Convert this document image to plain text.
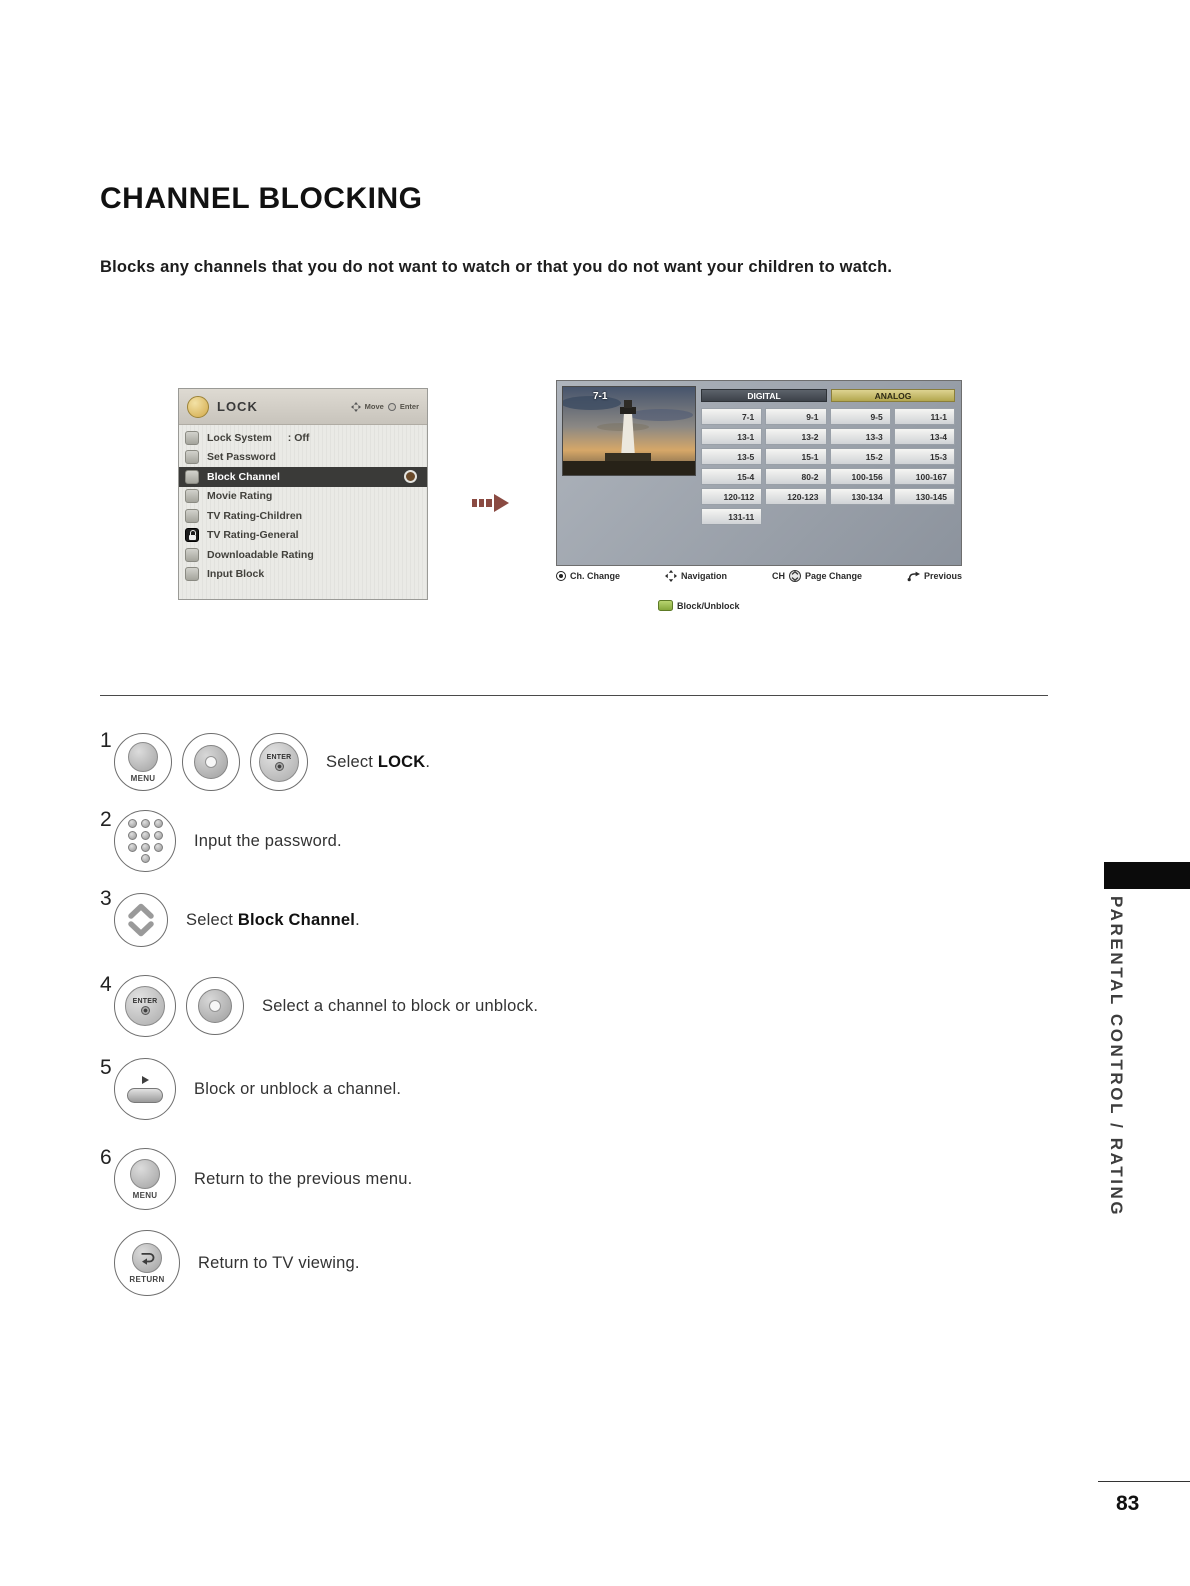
CHANNEL BLOCKING
Blocks any channels that you do not want to watch or that you do not want your children to watch.
LOCK	Move Enter
Lock System : Off
Set Password
Block Channel
Movie Rating
TV Rating-Children
TV Rating-General
Downloadable Rating
Input Block
7-1	DIGITAL	ANALOG
7-1	9-1	9-5	11-1
13-1	13-2	13-3	13-4
13-5	15-1	15-2	15-3
15-4	80-2	100-156	100-167
120-112	120-123	130-134	130-145
131-11
Ch. Change	Navigation	CH Page Change	Previous
Block/Unblock
1
MENU
ENTER Select LOCK.
2
Input the password.
3
Select Block Channel.
4
ENTER	Select a channel to block or unblock.
5
Block or unblock a channel.
6
MENU
Return to the previous menu.
RETURN
Return to TV viewing.
PARENTAL CONTROL / RATING
83
